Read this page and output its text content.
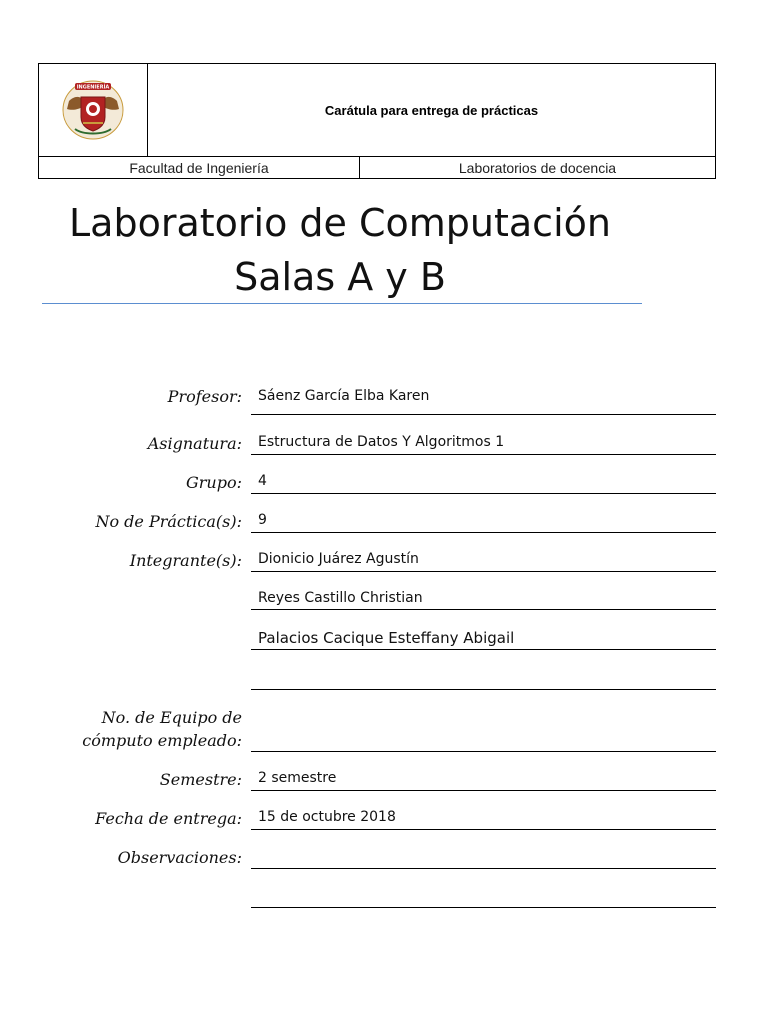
INGENIERÍA
Carátula para entrega de prácticas
Facultad de Ingeniería	Laboratorios de docencia
Laboratorio de Computación
Salas A y B
Profesor: Sáenz García Elba Karen
Asignatura: Estructura de Datos Y Algoritmos 1
Grupo: 4
No de Práctica(s): 9
Integrante(s): Dionicio Juárez Agustín
Reyes Castillo Christian
Palacios Cacique Esteffany Abigail
No. de Equipo de
cómputo empleado:
Semestre: 2 semestre
Fecha de entrega: 15 de octubre 2018
Observaciones:
